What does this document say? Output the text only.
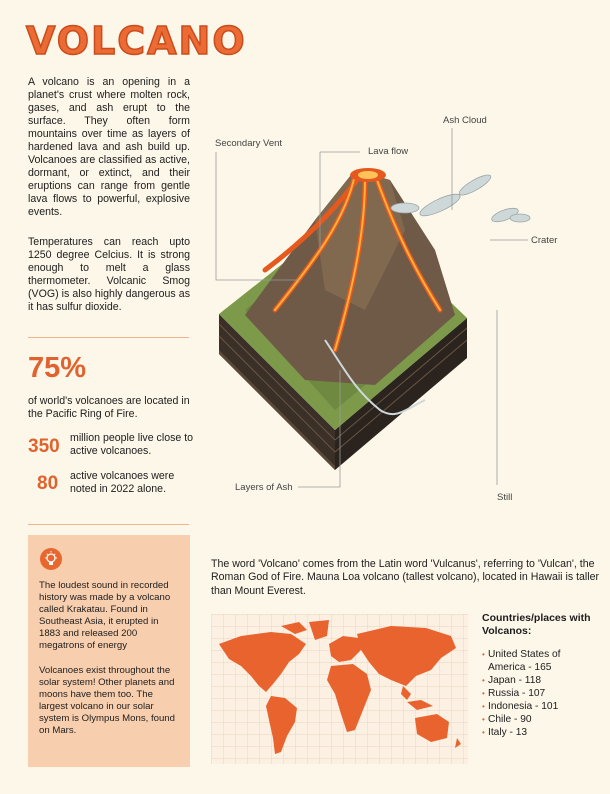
VOLCANO

A volcano is an opening in a planet's crust where molten rock, gases, and ash erupt to the surface. They often form mountains over time as layers of hardened lava and ash build up. Volcanoes are classified as active, dormant, or extinct, and their eruptions can range from gentle lava flows to powerful, explosive events.

Temperatures can reach upto 1250 degree Celcius. It is strong enough to melt a glass thermometer. Volcanic Smog (VOG) is also highly dangerous as it has sulfur dioxide.

75%
of world's volcanoes are located in the Pacific Ring of Fire.
350 million people live close to active volcanoes.
80 active volcanoes were noted in 2022 alone.

The loudest sound in recorded history was made by a volcano called Krakatau. Found in Southeast Asia, it erupted in 1883 and released 200 megatrons of energy

Volcanoes exist throughout the solar system! Other planets and moons have them too. The largest volcano in our solar system is Olympus Mons, found on Mars.

Ash Cloud
Secondary Vent
Lava flow
Crater
Layers of Ash
Still

The word 'Volcano' comes from the Latin word 'Vulcanus', referring to 'Vulcan', the Roman God of Fire. Mauna Loa volcano (tallest volcano), located in Hawaii is taller than Mount Everest.

Countries/places with Volcanos:
• United States of America - 165
• Japan - 118
• Russia - 107
• Indonesia - 101
• Chile - 90
• Italy - 13
